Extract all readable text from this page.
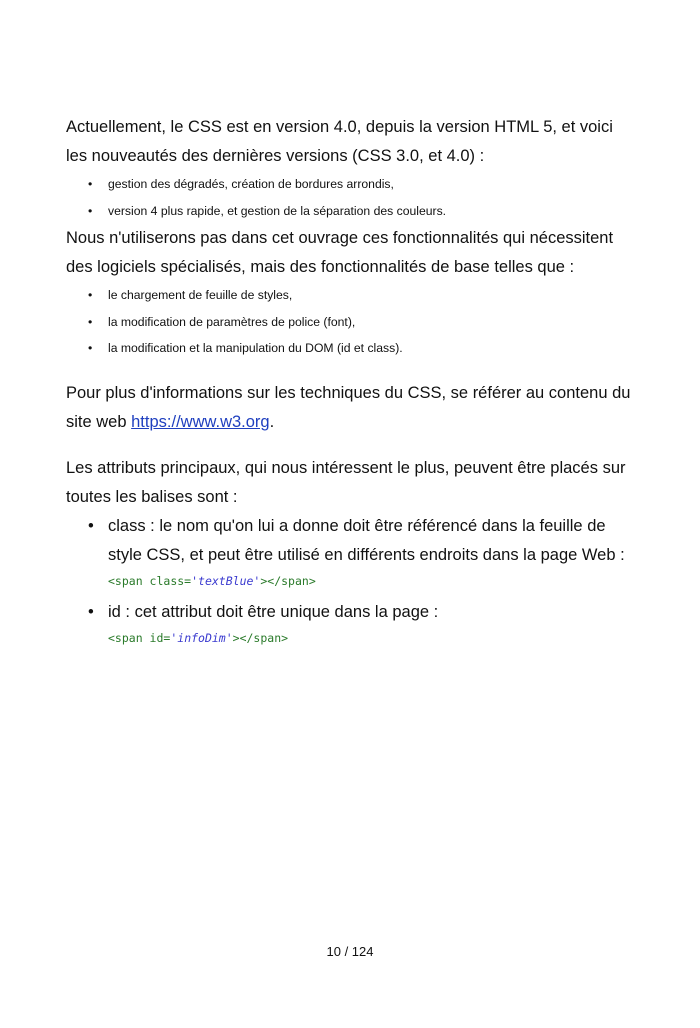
Actuellement, le CSS est en version 4.0, depuis la version HTML 5, et voici
les nouveautés des dernières versions (CSS 3.0, et 4.0) :

• gestion des dégradés, création de bordures arrondis,
• version 4 plus rapide, et gestion de la séparation des couleurs.

Nous n'utiliserons pas dans cet ouvrage ces fonctionnalités qui nécessitent
des logiciels spécialisés, mais des fonctionnalités de base telles que :

• le chargement de feuille de styles,
• la modification de paramètres de police (font),
• la modification et la manipulation du DOM (id et class).

Pour plus d'informations sur les techniques du CSS, se référer au contenu du
site web https://www.w3.org.

Les attributs principaux, qui nous intéressent le plus, peuvent être placés sur
toutes les balises sont :

• class : le nom qu'on lui a donne doit être référencé dans la feuille de
style CSS, et peut être utilisé en différents endroits dans la page Web :
<span class='textBlue'></span>
• id : cet attribut doit être unique dans la page :
<span id='infoDim'></span>
10 / 124
